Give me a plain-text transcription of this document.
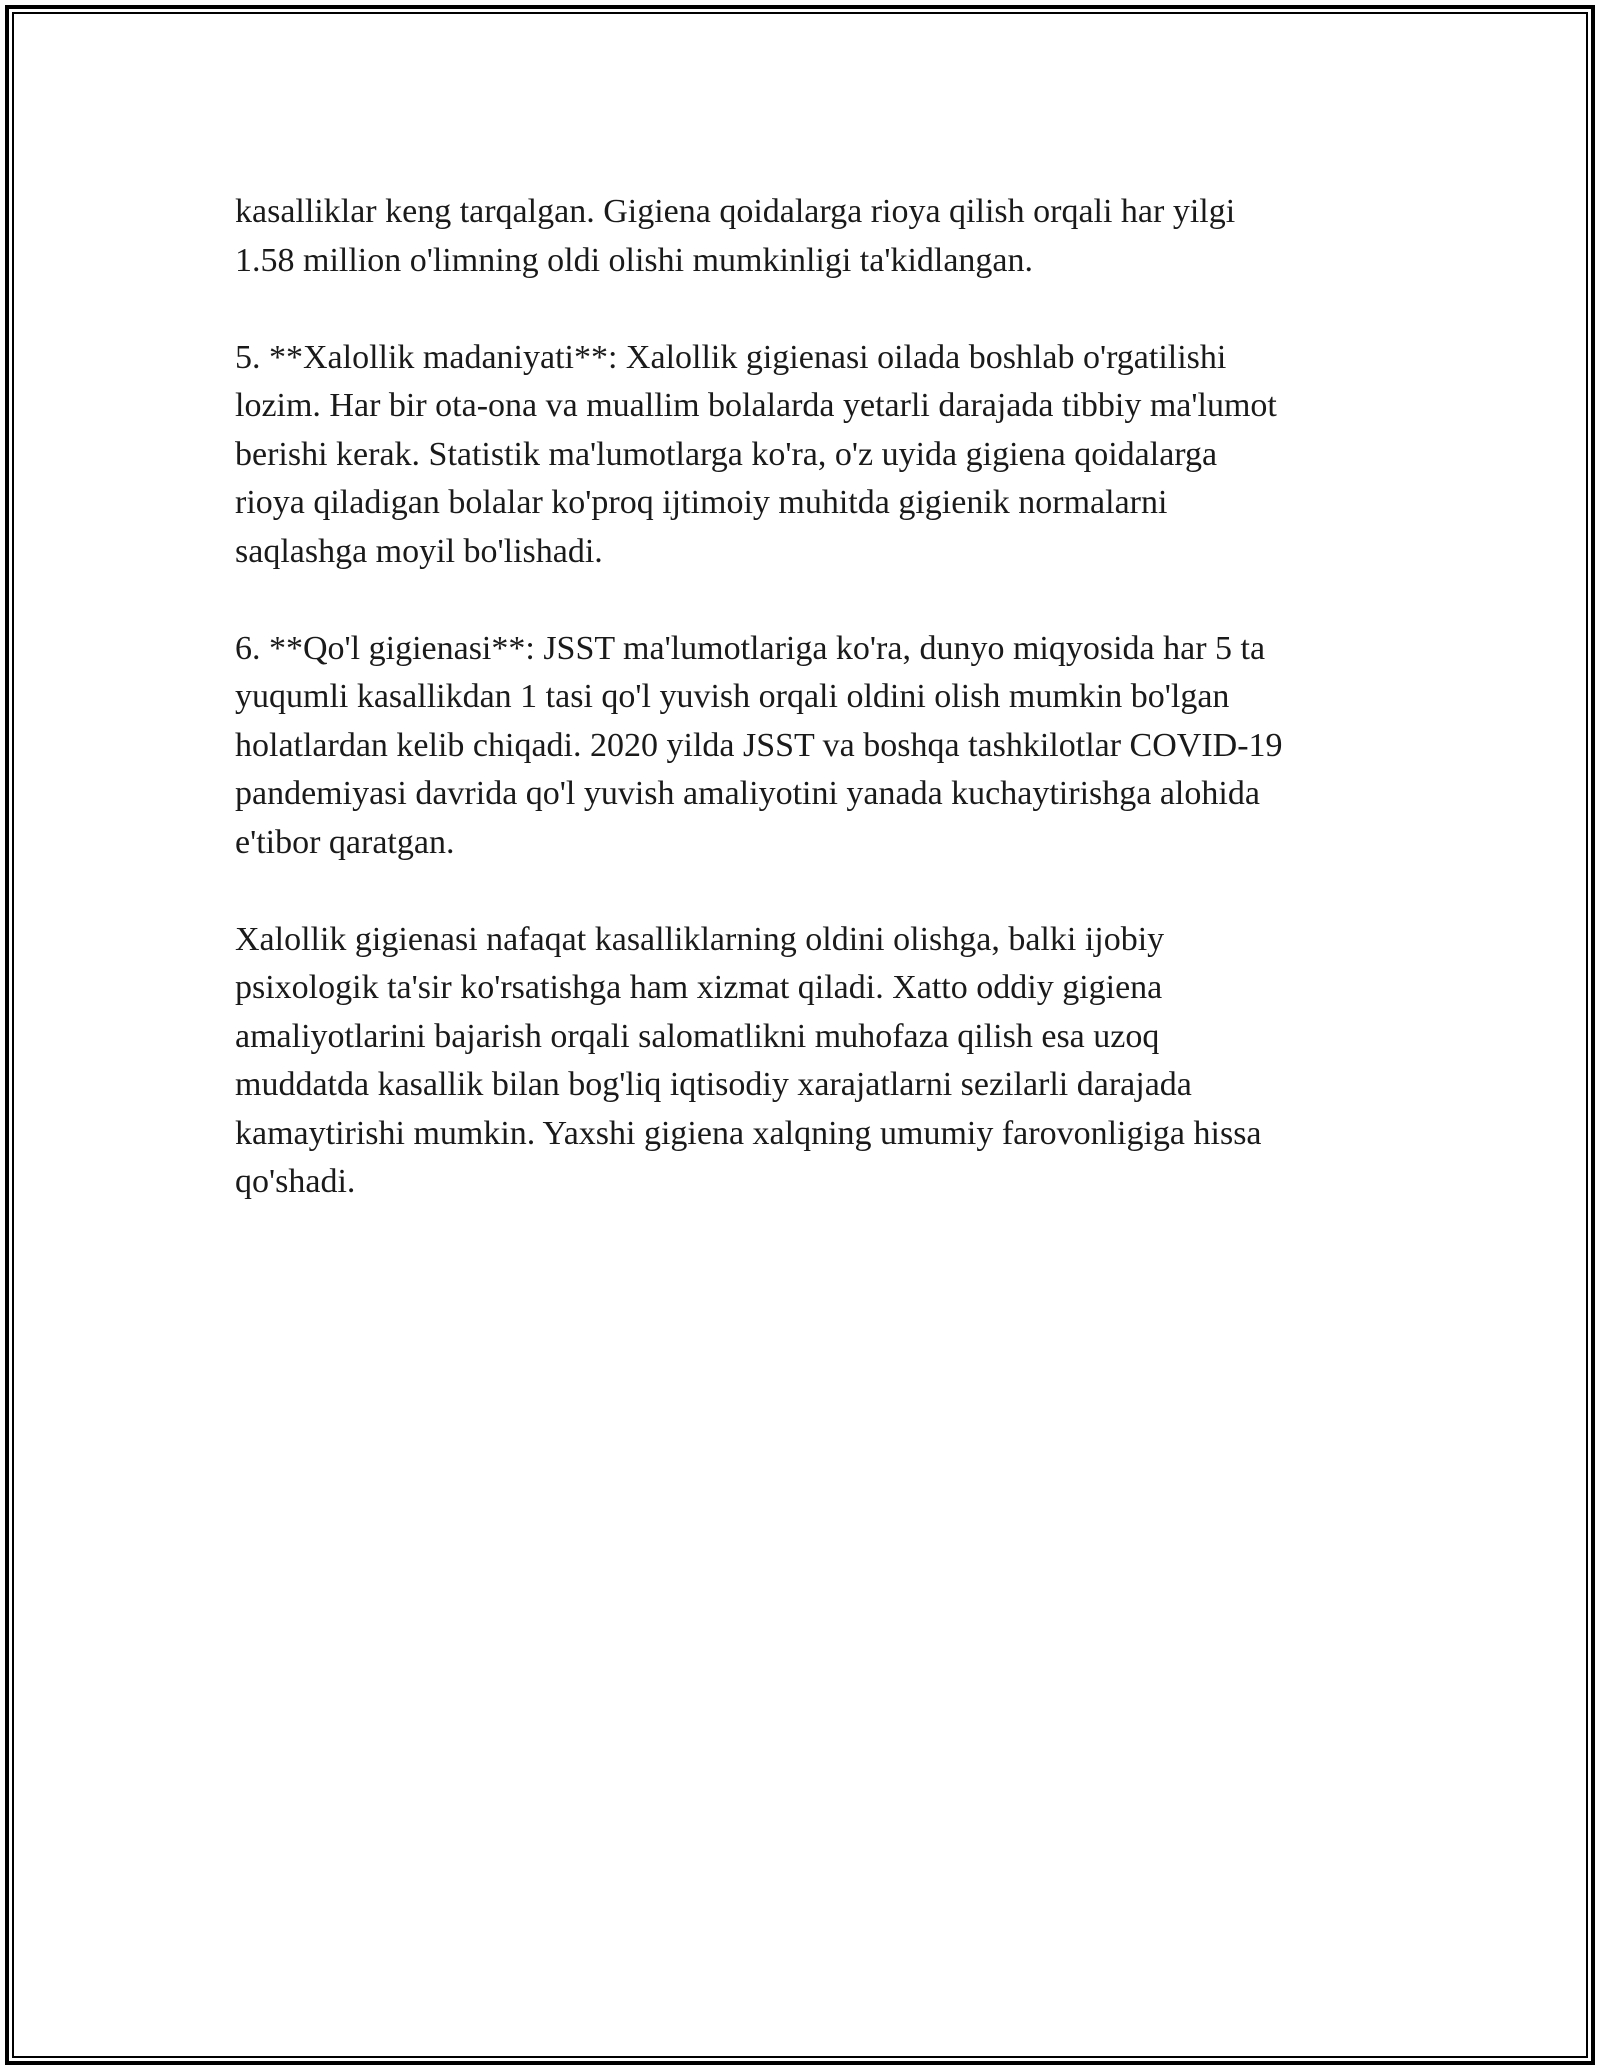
kasalliklar keng tarqalgan. Gigiena qoidalarga rioya qilish orqali har yilgi
1.58 million o'limning oldi olishi mumkinligi ta'kidlangan.

5. **Xalollik madaniyati**: Xalollik gigienasi oilada boshlab o'rgatilishi
lozim. Har bir ota-ona va muallim bolalarda yetarli darajada tibbiy ma'lumot
berishi kerak. Statistik ma'lumotlarga ko'ra, o'z uyida gigiena qoidalarga
rioya qiladigan bolalar ko'proq ijtimoiy muhitda gigienik normalarni
saqlashga moyil bo'lishadi.

6. **Qo'l gigienasi**: JSST ma'lumotlariga ko'ra, dunyo miqyosida har 5 ta
yuqumli kasallikdan 1 tasi qo'l yuvish orqali oldini olish mumkin bo'lgan
holatlardan kelib chiqadi. 2020 yilda JSST va boshqa tashkilotlar COVID-19
pandemiyasi davrida qo'l yuvish amaliyotini yanada kuchaytirishga alohida
e'tibor qaratgan.

Xalollik gigienasi nafaqat kasalliklarning oldini olishga, balki ijobiy
psixologik ta'sir ko'rsatishga ham xizmat qiladi. Xatto oddiy gigiena
amaliyotlarini bajarish orqali salomatlikni muhofaza qilish esa uzoq
muddatda kasallik bilan bog'liq iqtisodiy xarajatlarni sezilarli darajada
kamaytirishi mumkin. Yaxshi gigiena xalqning umumiy farovonligiga hissa
qo'shadi.
